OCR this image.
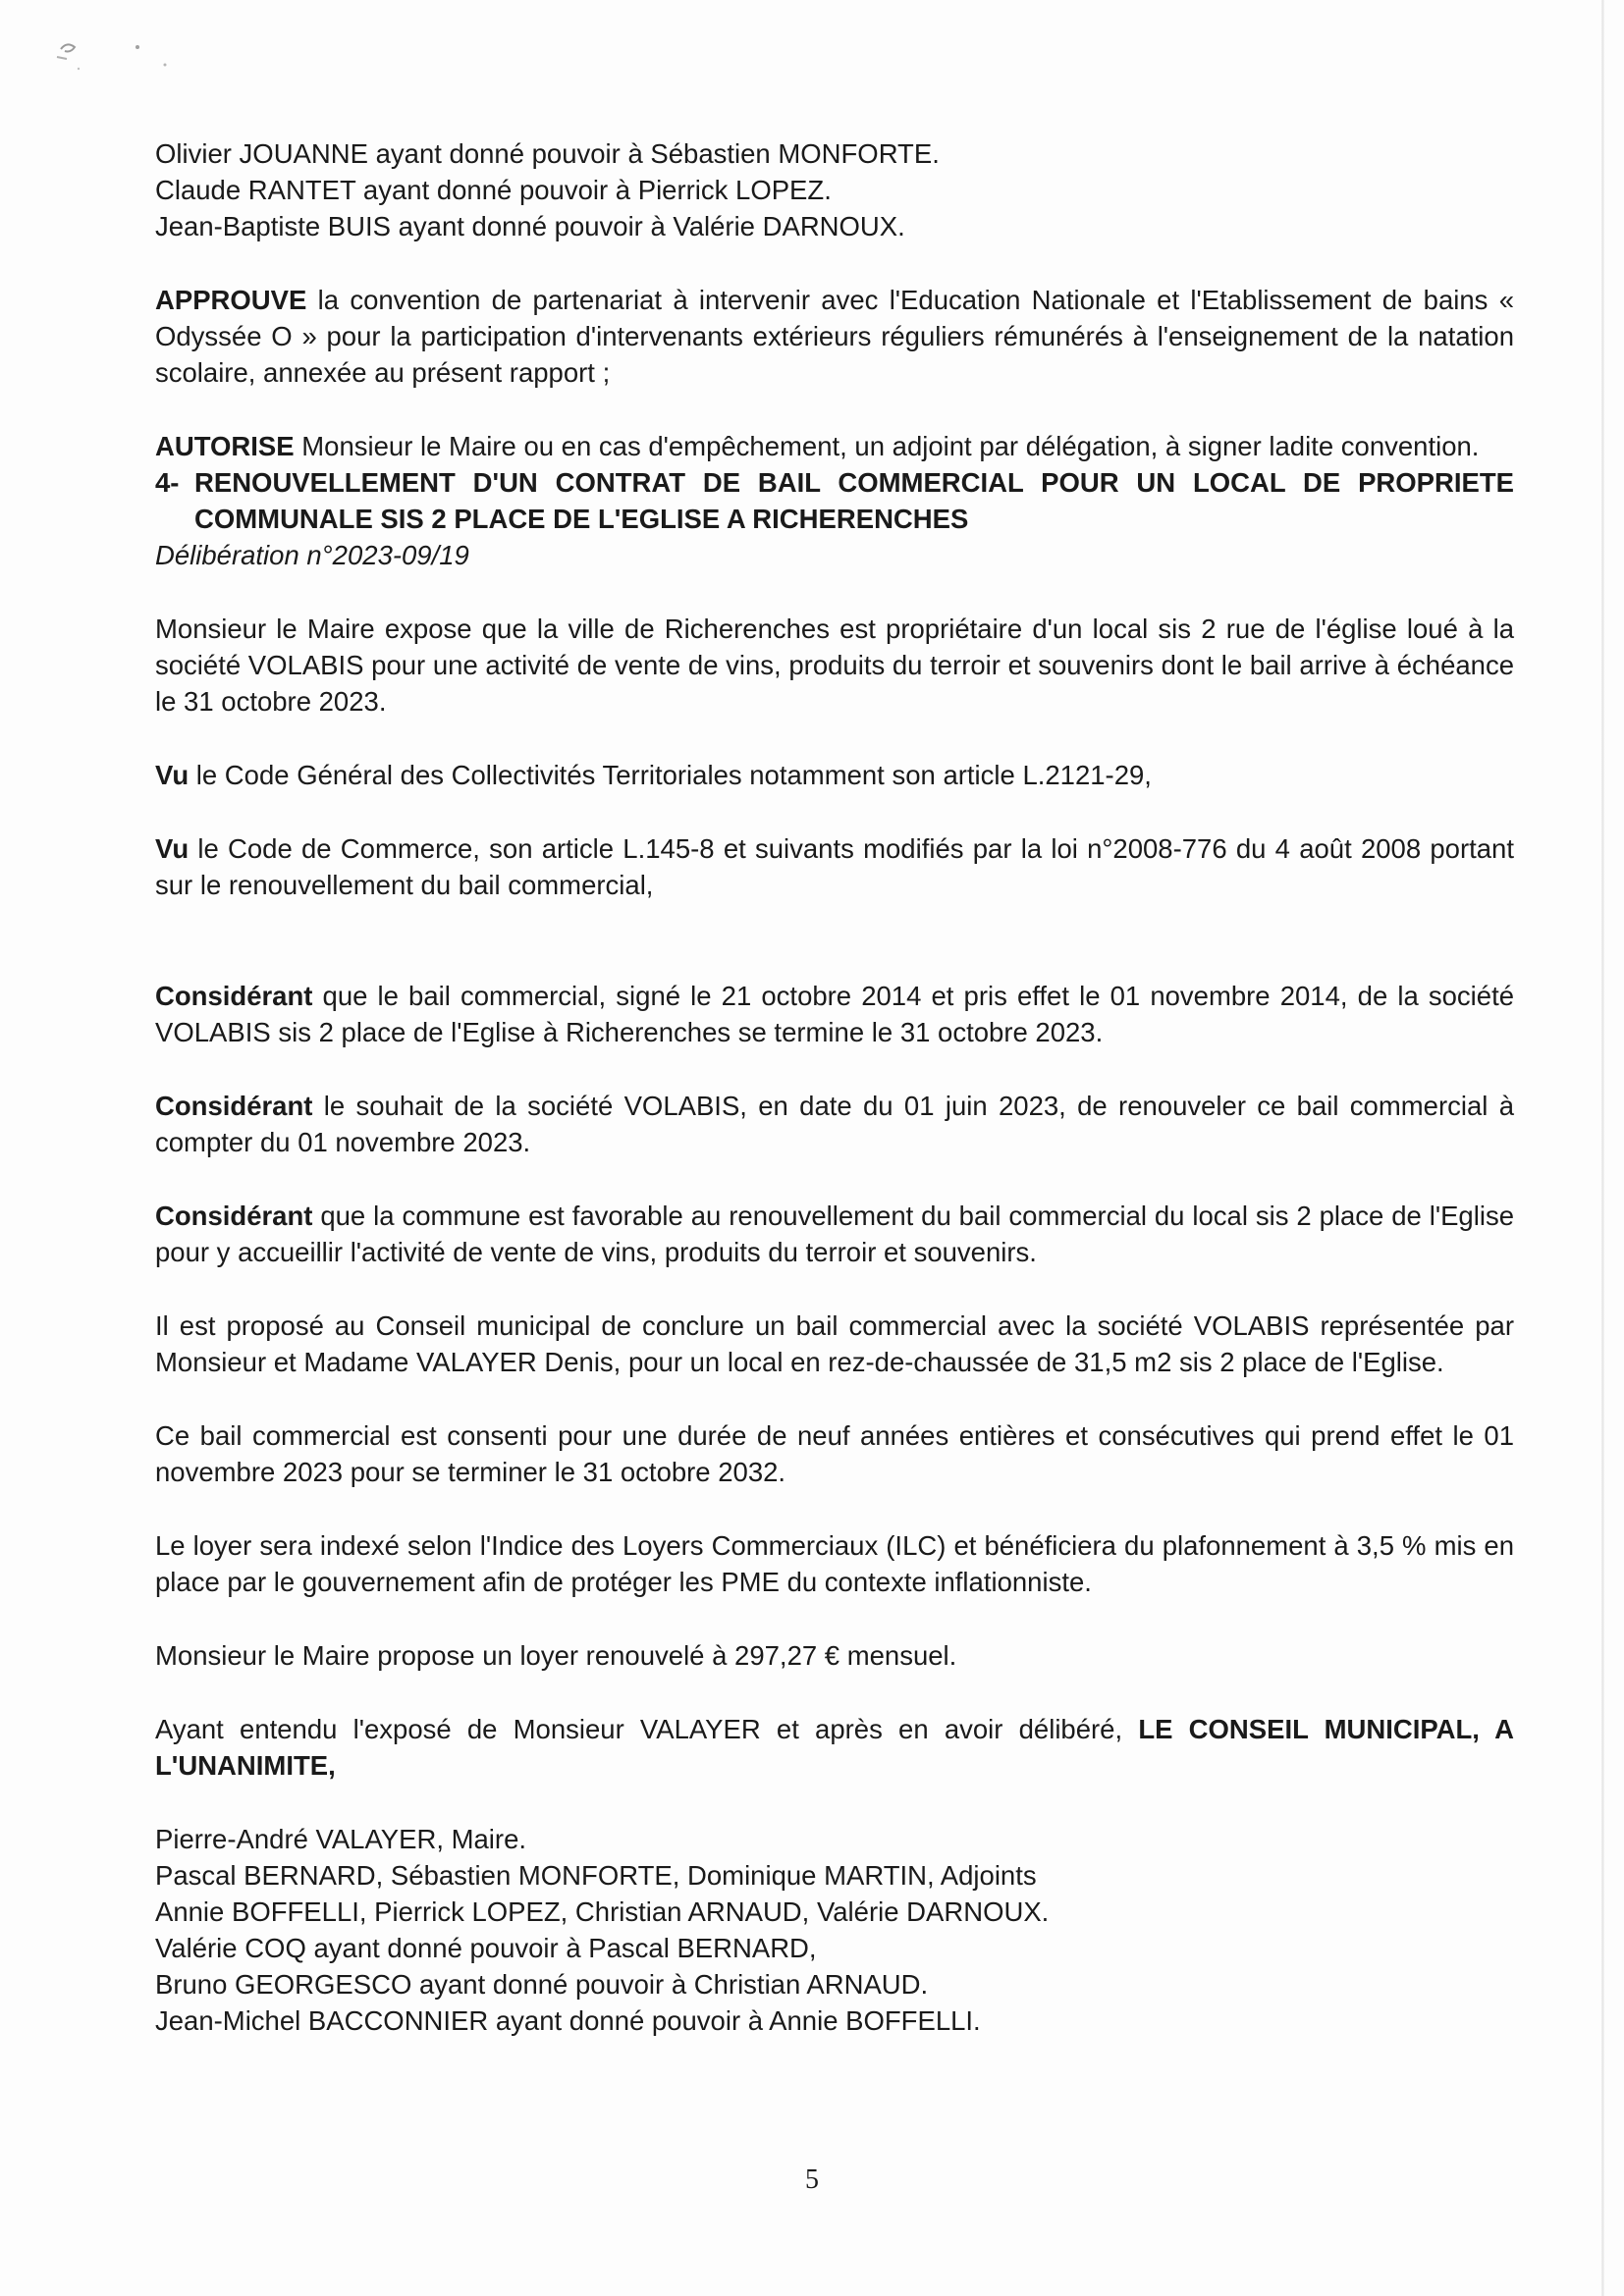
Olivier JOUANNE ayant donné pouvoir à Sébastien MONFORTE.
Claude RANTET ayant donné pouvoir à Pierrick LOPEZ.
Jean-Baptiste BUIS ayant donné pouvoir à Valérie DARNOUX.

APPROUVE la convention de partenariat à intervenir avec l'Education Nationale et l'Etablissement de bains « Odyssée O » pour la participation d'intervenants extérieurs réguliers rémunérés à l'enseignement de la natation scolaire, annexée au présent rapport ;

AUTORISE Monsieur le Maire ou en cas d'empêchement, un adjoint par délégation, à signer ladite convention.

4- RENOUVELLEMENT D'UN CONTRAT DE BAIL COMMERCIAL POUR UN LOCAL DE PROPRIETE COMMUNALE SIS 2 PLACE DE L'EGLISE A RICHERENCHES

Délibération n°2023-09/19

Monsieur le Maire expose que la ville de Richerenches est propriétaire d'un local sis 2 rue de l'église loué à la société VOLABIS pour une activité de vente de vins, produits du terroir et souvenirs dont le bail arrive à échéance le 31 octobre 2023.

Vu le Code Général des Collectivités Territoriales notamment son article L.2121-29,

Vu le Code de Commerce, son article L.145-8 et suivants modifiés par la loi n°2008-776 du 4 août 2008 portant sur le renouvellement du bail commercial,

Considérant que le bail commercial, signé le 21 octobre 2014 et pris effet le 01 novembre 2014, de la société VOLABIS sis 2 place de l'Eglise à Richerenches se termine le 31 octobre 2023.

Considérant le souhait de la société VOLABIS, en date du 01 juin 2023, de renouveler ce bail commercial à compter du 01 novembre 2023.

Considérant que la commune est favorable au renouvellement du bail commercial du local sis 2 place de l'Eglise pour y accueillir l'activité de vente de vins, produits du terroir et souvenirs.

Il est proposé au Conseil municipal de conclure un bail commercial avec la société VOLABIS représentée par Monsieur et Madame VALAYER Denis, pour un local en rez-de-chaussée de 31,5 m2 sis 2 place de l'Eglise.

Ce bail commercial est consenti pour une durée de neuf années entières et consécutives qui prend effet le 01 novembre 2023 pour se terminer le 31 octobre 2032.

Le loyer sera indexé selon l'Indice des Loyers Commerciaux (ILC) et bénéficiera du plafonnement à 3,5 % mis en place par le gouvernement afin de protéger les PME du contexte inflationniste.

Monsieur le Maire propose un loyer renouvelé à 297,27 € mensuel.

Ayant entendu l'exposé de Monsieur VALAYER et après en avoir délibéré, LE CONSEIL MUNICIPAL, A L'UNANIMITE,

Pierre-André VALAYER, Maire.
Pascal BERNARD, Sébastien MONFORTE, Dominique MARTIN, Adjoints
Annie BOFFELLI, Pierrick LOPEZ, Christian ARNAUD, Valérie DARNOUX.
Valérie COQ ayant donné pouvoir à Pascal BERNARD,
Bruno GEORGESCO ayant donné pouvoir à Christian ARNAUD.
Jean-Michel BACCONNIER ayant donné pouvoir à Annie BOFFELLI.
5
